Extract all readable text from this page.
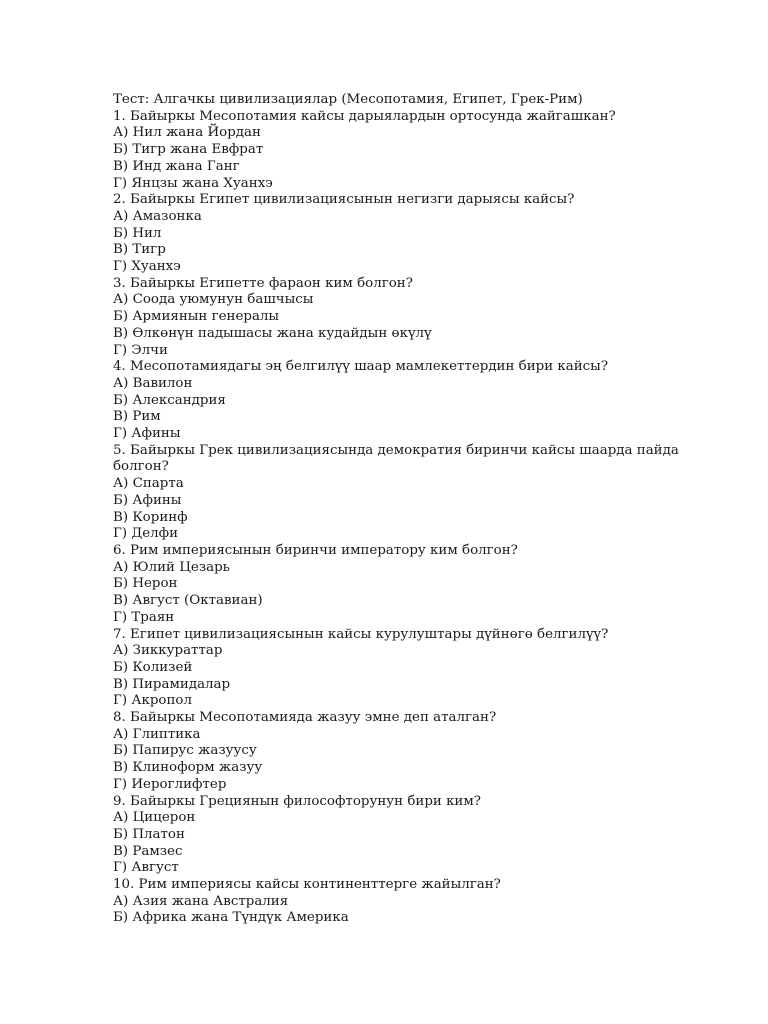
Тест: Алгачкы цивилизациялар (Месопотамия, Египет, Грек-Рим)
1. Байыркы Месопотамия кайсы дарыялардын ортосунда жайгашкан?
А) Нил жана Йордан
Б) Тигр жана Евфрат
В) Инд жана Ганг
Г) Янцзы жана Хуанхэ
2. Байыркы Египет цивилизациясынын негизги дарыясы кайсы?
А) Амазонка
Б) Нил
В) Тигр
Г) Хуанхэ
3. Байыркы Египетте фараон ким болгон?
А) Соода уюмунун башчысы
Б) Армиянын генералы
В) Өлкөнүн падышасы жана кудайдын өкүлү
Г) Элчи
4. Месопотамиядагы эң белгилүү шаар мамлекеттердин бири кайсы?
А) Вавилон
Б) Александрия
В) Рим
Г) Афины
5. Байыркы Грек цивилизациясында демократия биринчи кайсы шаарда пайда болгон?
А) Спарта
Б) Афины
В) Коринф
Г) Делфи
6. Рим империясынын биринчи императору ким болгон?
А) Юлий Цезарь
Б) Нерон
В) Август (Октавиан)
Г) Траян
7. Египет цивилизациясынын кайсы курулуштары дүйнөгө белгилүү?
А) Зиккураттар
Б) Колизей
В) Пирамидалар
Г) Акропол
8. Байыркы Месопотамияда жазуу эмне деп аталган?
А) Глиптика
Б) Папирус жазуусу
В) Клиноформ жазуу
Г) Иероглифтер
9. Байыркы Грециянын философторунун бири ким?
А) Цицерон
Б) Платон
В) Рамзес
Г) Август
10. Рим империясы кайсы континенттерге жайылган?
А) Азия жана Австралия
Б) Африка жана Түндүк Америка
